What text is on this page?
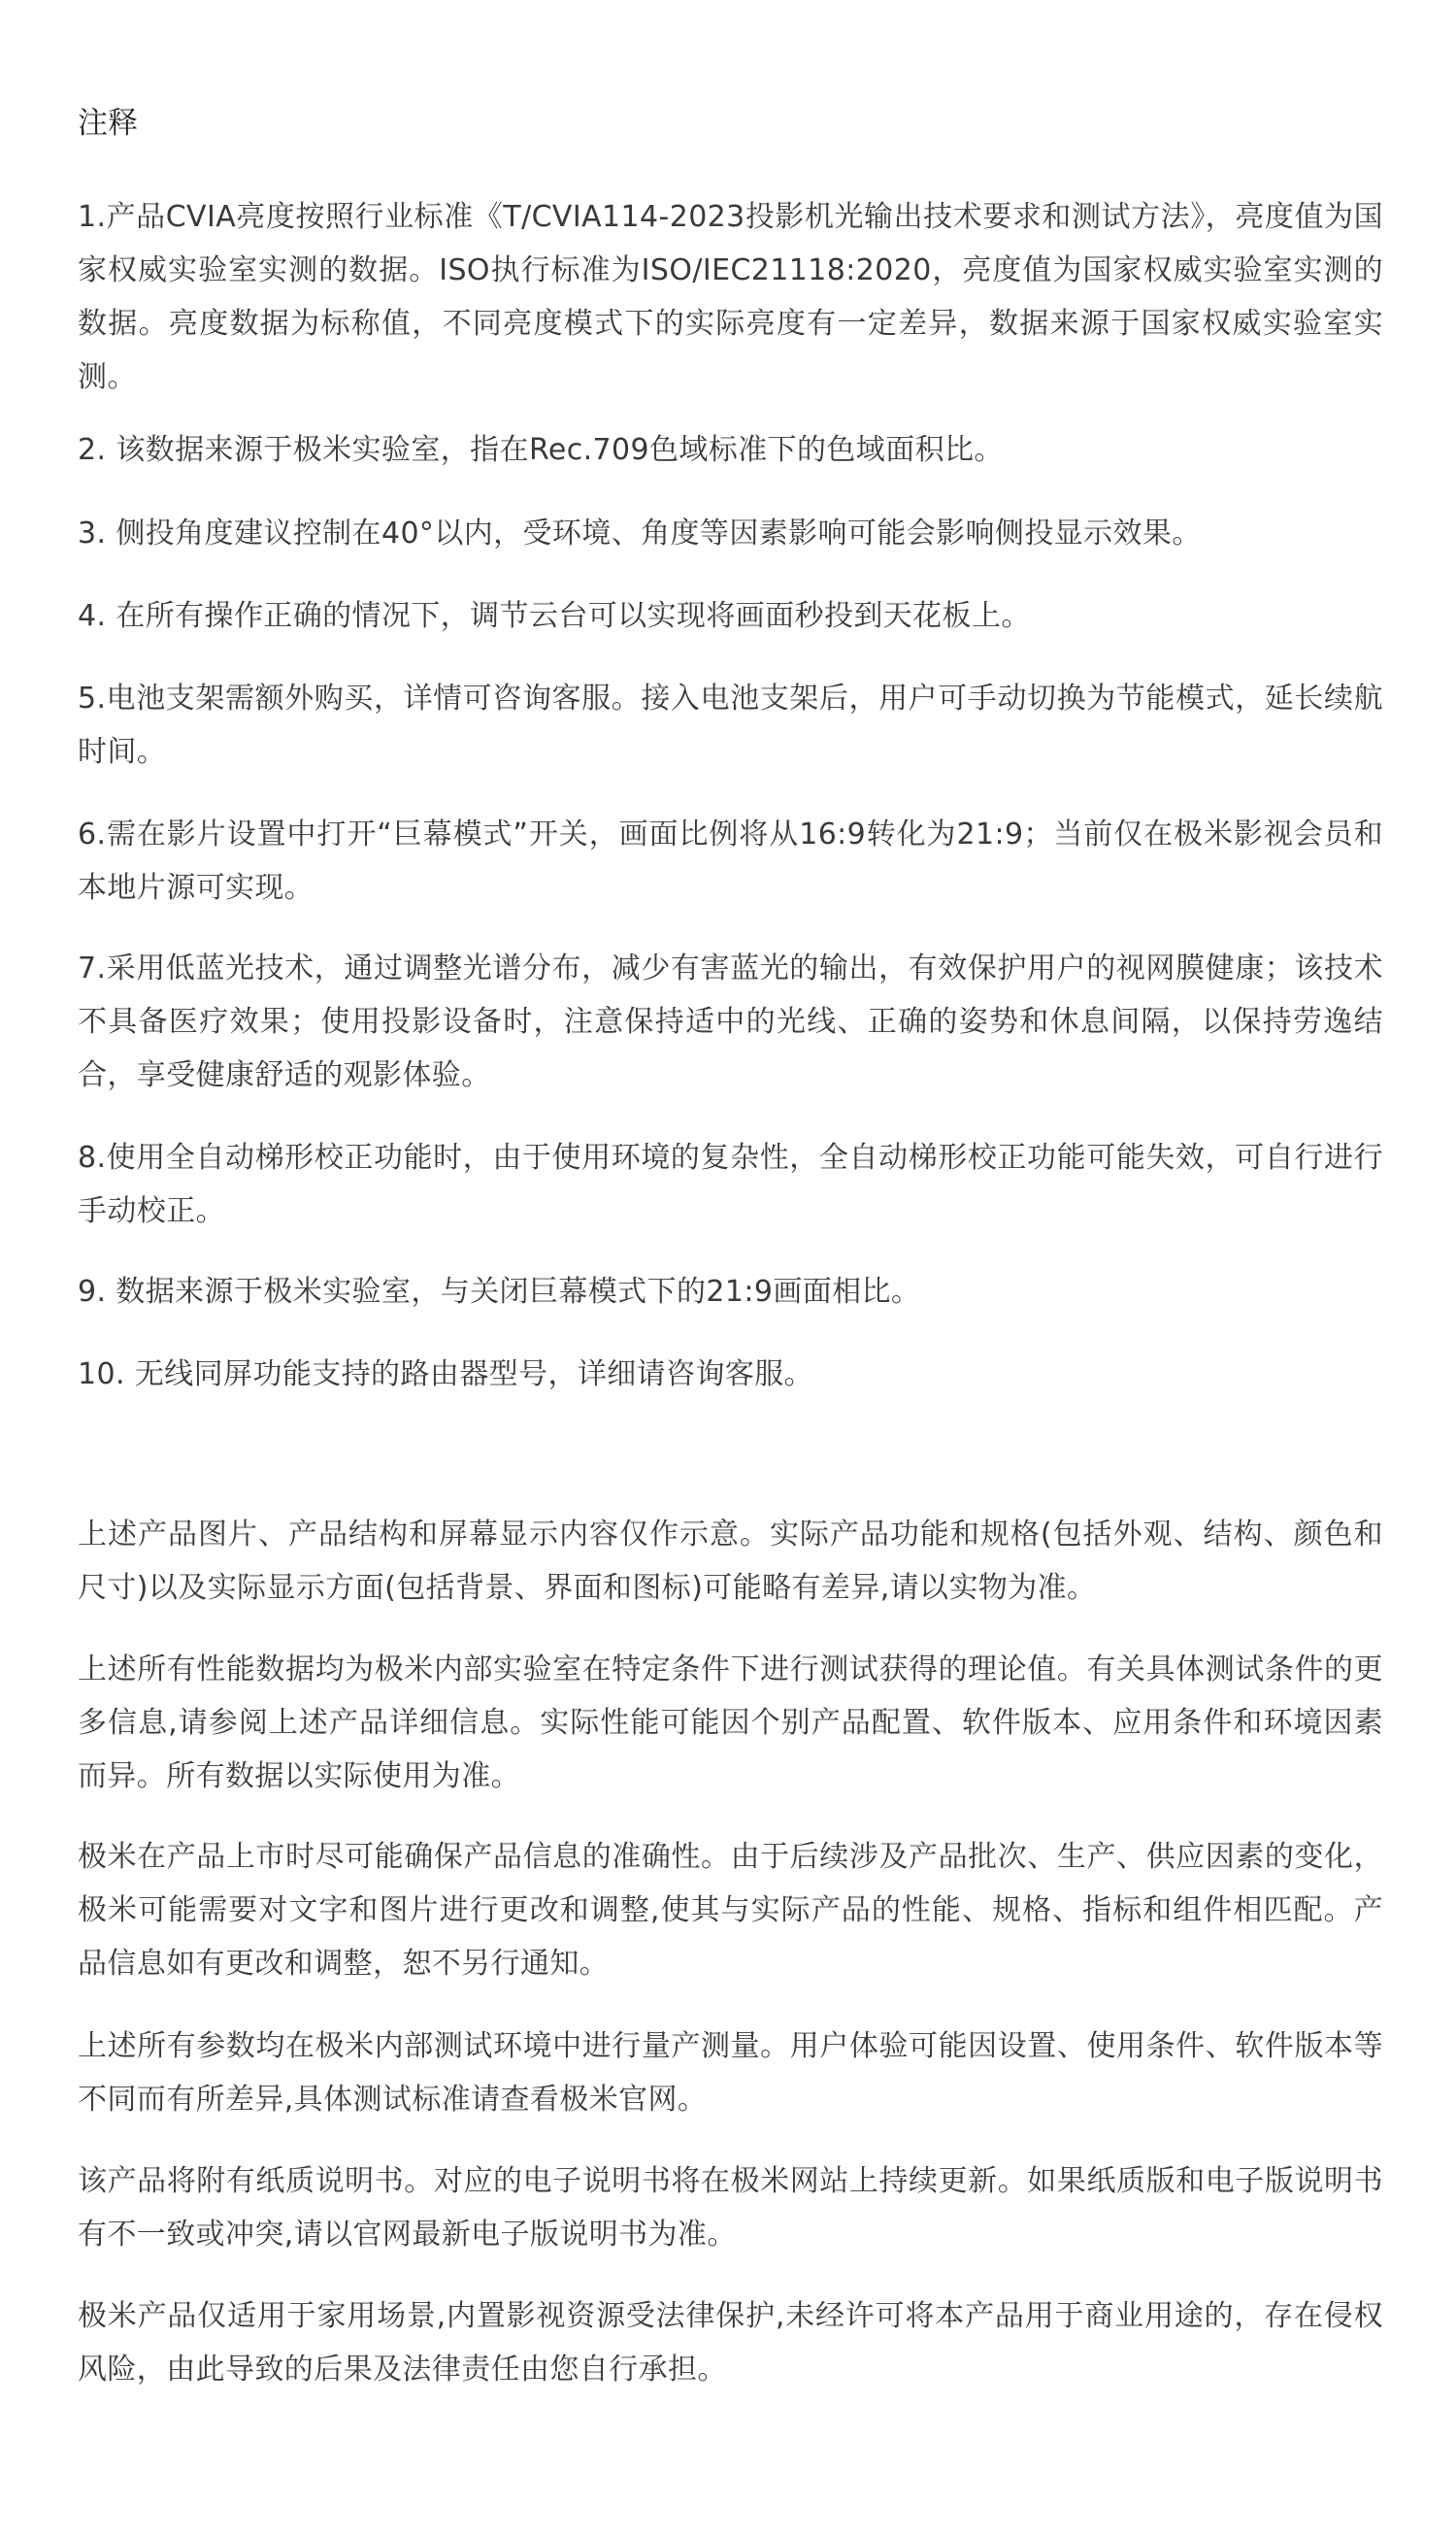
注释

1.产品CVIA亮度按照行业标准《T/CVIA114-2023投影机光输出技术要求和测试方法》，亮度值为国家权威实验室实测的数据。ISO执行标准为ISO/IEC21118:2020，亮度值为国家权威实验室实测的数据。亮度数据为标称值，不同亮度模式下的实际亮度有一定差异，数据来源于国家权威实验室实测。

2. 该数据来源于极米实验室，指在Rec.709色域标准下的色域面积比。

3. 侧投角度建议控制在40°以内，受环境、角度等因素影响可能会影响侧投显示效果。

4. 在所有操作正确的情况下，调节云台可以实现将画面秒投到天花板上。

5.电池支架需额外购买，详情可咨询客服。接入电池支架后，用户可手动切换为节能模式，延长续航时间。

6.需在影片设置中打开“巨幕模式”开关，画面比例将从16:9转化为21:9；当前仅在极米影视会员和本地片源可实现。

7.采用低蓝光技术，通过调整光谱分布，减少有害蓝光的输出，有效保护用户的视网膜健康；该技术不具备医疗效果；使用投影设备时，注意保持适中的光线、正确的姿势和休息间隔，以保持劳逸结合，享受健康舒适的观影体验。

8.使用全自动梯形校正功能时，由于使用环境的复杂性，全自动梯形校正功能可能失效，可自行进行手动校正。

9. 数据来源于极米实验室，与关闭巨幕模式下的21:9画面相比。

10. 无线同屏功能支持的路由器型号，详细请咨询客服。

上述产品图片、产品结构和屏幕显示内容仅作示意。实际产品功能和规格(包括外观、结构、颜色和尺寸)以及实际显示方面(包括背景、界面和图标)可能略有差异,请以实物为准。

上述所有性能数据均为极米内部实验室在特定条件下进行测试获得的理论值。有关具体测试条件的更多信息,请参阅上述产品详细信息。实际性能可能因个别产品配置、软件版本、应用条件和环境因素而异。所有数据以实际使用为准。

极米在产品上市时尽可能确保产品信息的准确性。由于后续涉及产品批次、生产、供应因素的变化，极米可能需要对文字和图片进行更改和调整,使其与实际产品的性能、规格、指标和组件相匹配。产品信息如有更改和调整，恕不另行通知。

上述所有参数均在极米内部测试环境中进行量产测量。用户体验可能因设置、使用条件、软件版本等不同而有所差异,具体测试标准请查看极米官网。

该产品将附有纸质说明书。对应的电子说明书将在极米网站上持续更新。如果纸质版和电子版说明书有不一致或冲突,请以官网最新电子版说明书为准。

极米产品仅适用于家用场景,内置影视资源受法律保护,未经许可将本产品用于商业用途的，存在侵权风险，由此导致的后果及法律责任由您自行承担。
